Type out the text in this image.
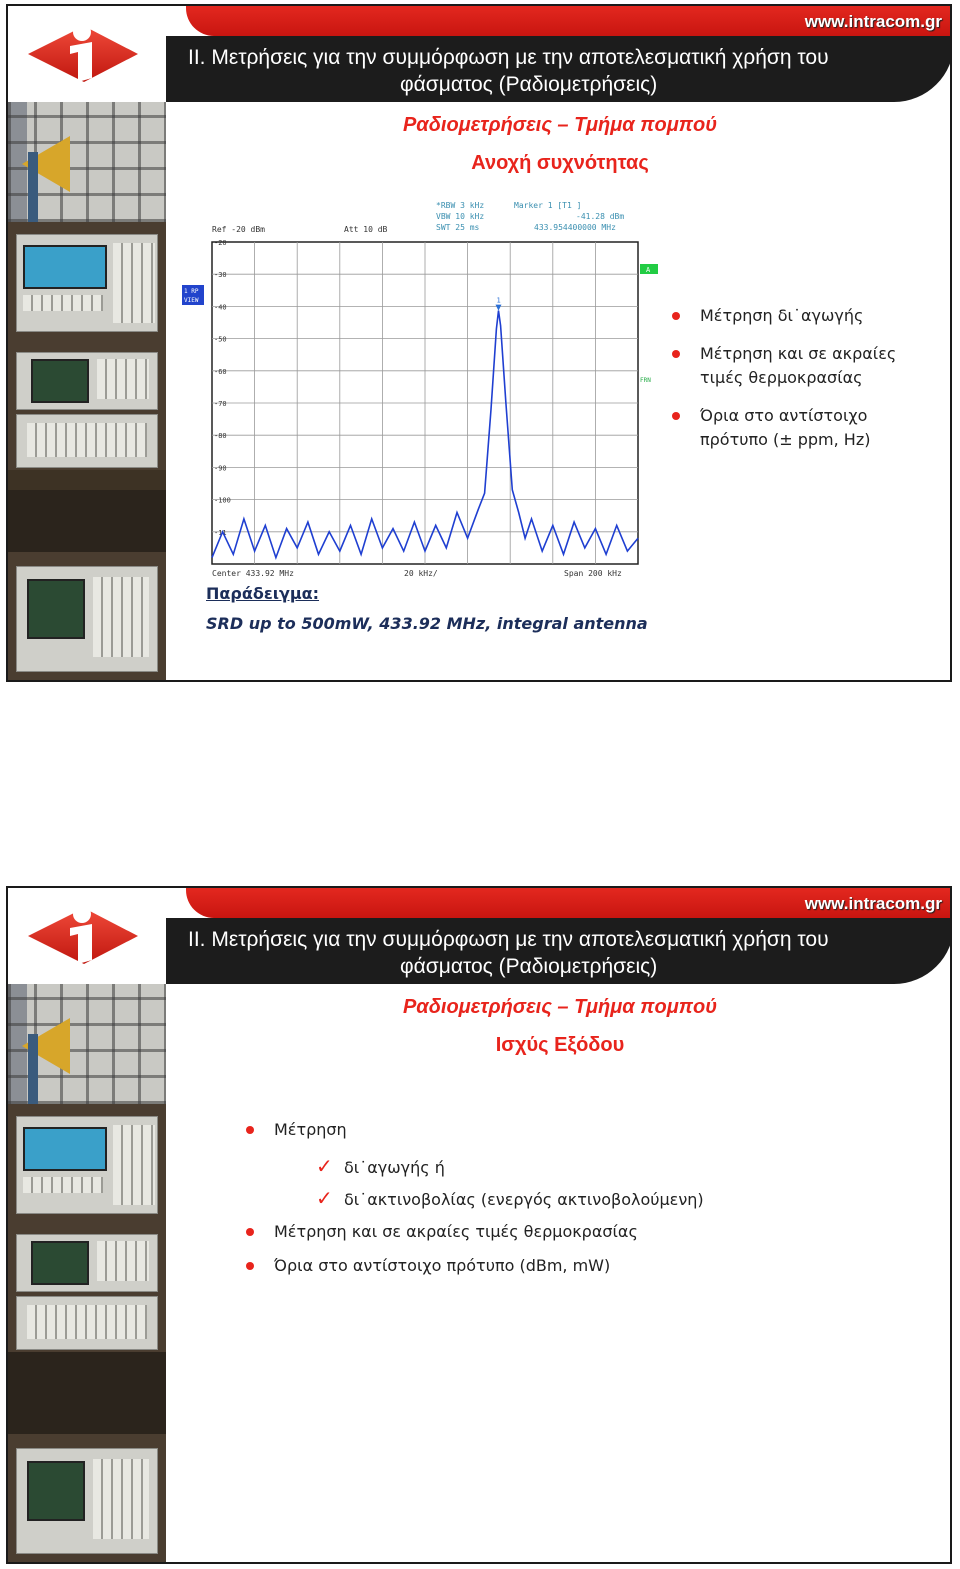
www.intracom.gr
ΙΙ. Μετρήσεις για την συμμόρφωση με την αποτελεσματική χρήση του
φάσματος (Ραδιομετρήσεις)
Ραδιομετρήσεις – Τμήμα πομπού
Ανοχή συχνότητας
*RBW 3 kHz
VBW 10 kHz
SWT 25 ms
Marker 1 [T1 ]
-41.28 dBm
433.954400000 MHz
Ref -20 dBm	Att 10 dB
1 RP
VIEW
A
FRN
-20
-30
-40
-50
-60
-70
-80
-90
-100
-11
1
Center 433.92 MHz	20 kHz/	Span 200 kHz
Μέτρηση δι˙αγωγής
Μέτρηση και σε ακραίες
τιμές θερμοκρασίας
Όρια στο αντίστοιχο
πρότυπο (± ppm, Hz)
Παράδειγμα:
SRD up to 500mW, 433.92 MHz, integral antenna
www.intracom.gr
ΙΙ. Μετρήσεις για την συμμόρφωση με την αποτελεσματική χρήση του
φάσματος (Ραδιομετρήσεις)
Ραδιομετρήσεις – Τμήμα πομπού
Ισχύς Εξόδου
Μέτρηση
✓ δι˙αγωγής ή
✓ δι˙ακτινοβολίας (ενεργός ακτινοβολούμενη)
Μέτρηση και σε ακραίες τιμές θερμοκρασίας
Όρια στο αντίστοιχο πρότυπο (dBm, mW)
